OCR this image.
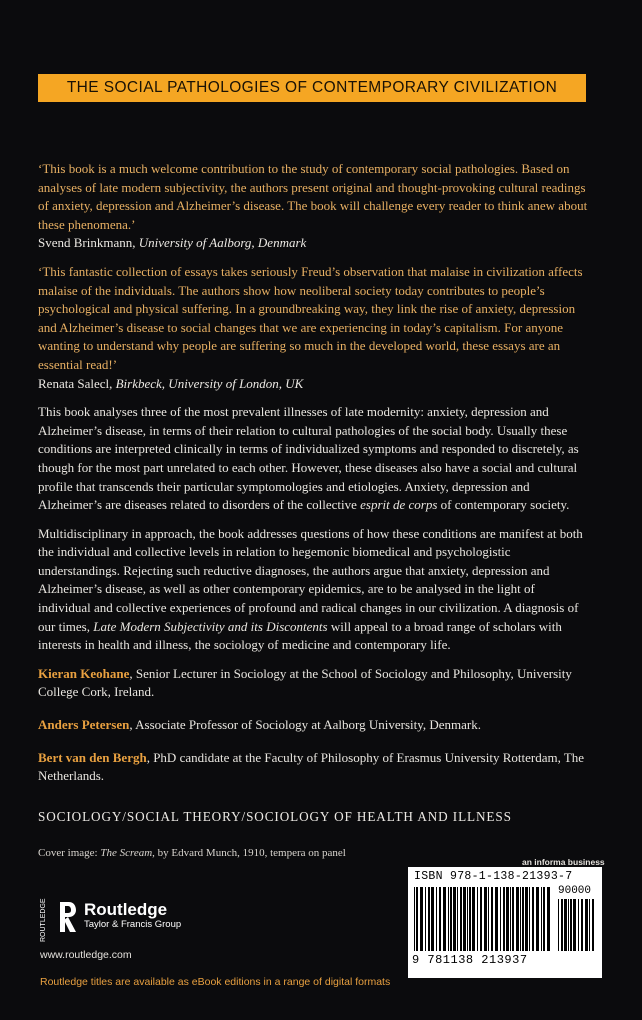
THE SOCIAL PATHOLOGIES OF CONTEMPORARY CIVILIZATION

‘This book is a much welcome contribution to the study of contemporary social pathologies. Based on analyses of late modern subjectivity, the authors present original and thought-provoking cultural readings of anxiety, depression and Alzheimer’s disease. The book will challenge every reader to think anew about these phenomena.’

Svend Brinkmann, University of Aalborg, Denmark

‘This fantastic collection of essays takes seriously Freud’s observation that malaise in civilization affects malaise of the individuals. The authors show how neoliberal society today contributes to people’s psychological and physical suffering. In a groundbreaking way, they link the rise of anxiety, depression and Alzheimer’s disease to social changes that we are experiencing in today’s capitalism. For anyone wanting to understand why people are suffering so much in the developed world, these essays are an essential read!’

Renata Salecl, Birkbeck, University of London, UK

This book analyses three of the most prevalent illnesses of late modernity: anxiety, depression and Alzheimer’s disease, in terms of their relation to cultural pathologies of the social body. Usually these conditions are interpreted clinically in terms of individualized symptoms and responded to discretely, as though for the most part unrelated to each other. However, these diseases also have a social and cultural profile that transcends their particular symptomologies and etiologies. Anxiety, depression and Alzheimer’s are diseases related to disorders of the collective esprit de corps of contemporary society.

Multidisciplinary in approach, the book addresses questions of how these conditions are manifest at both the individual and collective levels in relation to hegemonic biomedical and psychologistic understandings. Rejecting such reductive diagnoses, the authors argue that anxiety, depression and Alzheimer’s disease, as well as other contemporary epidemics, are to be analysed in the light of individual and collective experiences of profound and radical changes in our civilization. A diagnosis of our times, Late Modern Subjectivity and its Discontents will appeal to a broad range of scholars with interests in health and illness, the sociology of medicine and contemporary life.

Kieran Keohane, Senior Lecturer in Sociology at the School of Sociology and Philosophy, University College Cork, Ireland.

Anders Petersen, Associate Professor of Sociology at Aalborg University, Denmark.

Bert van den Bergh, PhD candidate at the Faculty of Philosophy of Erasmus University Rotterdam, The Netherlands.

SOCIOLOGY/SOCIAL THEORY/SOCIOLOGY OF HEALTH AND ILLNESS
Cover image: The Scream, by Edvard Munch, 1910, tempera on panel
ROUTLEDGE	Routledge
Taylor & Francis Group
www.routledge.com
Routledge titles are available as eBook editions in a range of digital formats
an informa business
ISBN 978-1-138-21393-7
90000
9 781138 213937
